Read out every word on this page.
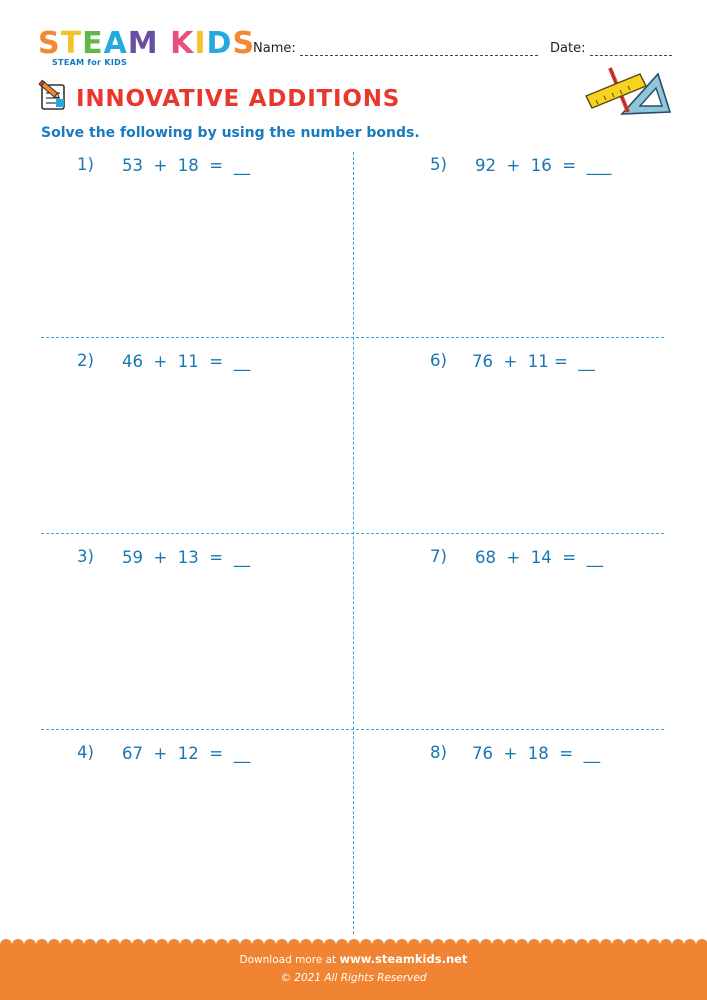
STEAM KIDS
STEAM for KIDS
Name:	Date:
INNOVATIVE ADDITIONS
Solve the following by using the number bonds.
1) 53  +  18  =  __
2) 46  +  11  =  __
3) 59  +  13  =  __
4) 67  +  12  =  __
5) 92  +  16  =  ___
6) 76  +  11 =  __
7) 68  +  14  =  __
8) 76  +  18  =  __
Download more at www.steamkids.net
© 2021 All Rights Reserved
